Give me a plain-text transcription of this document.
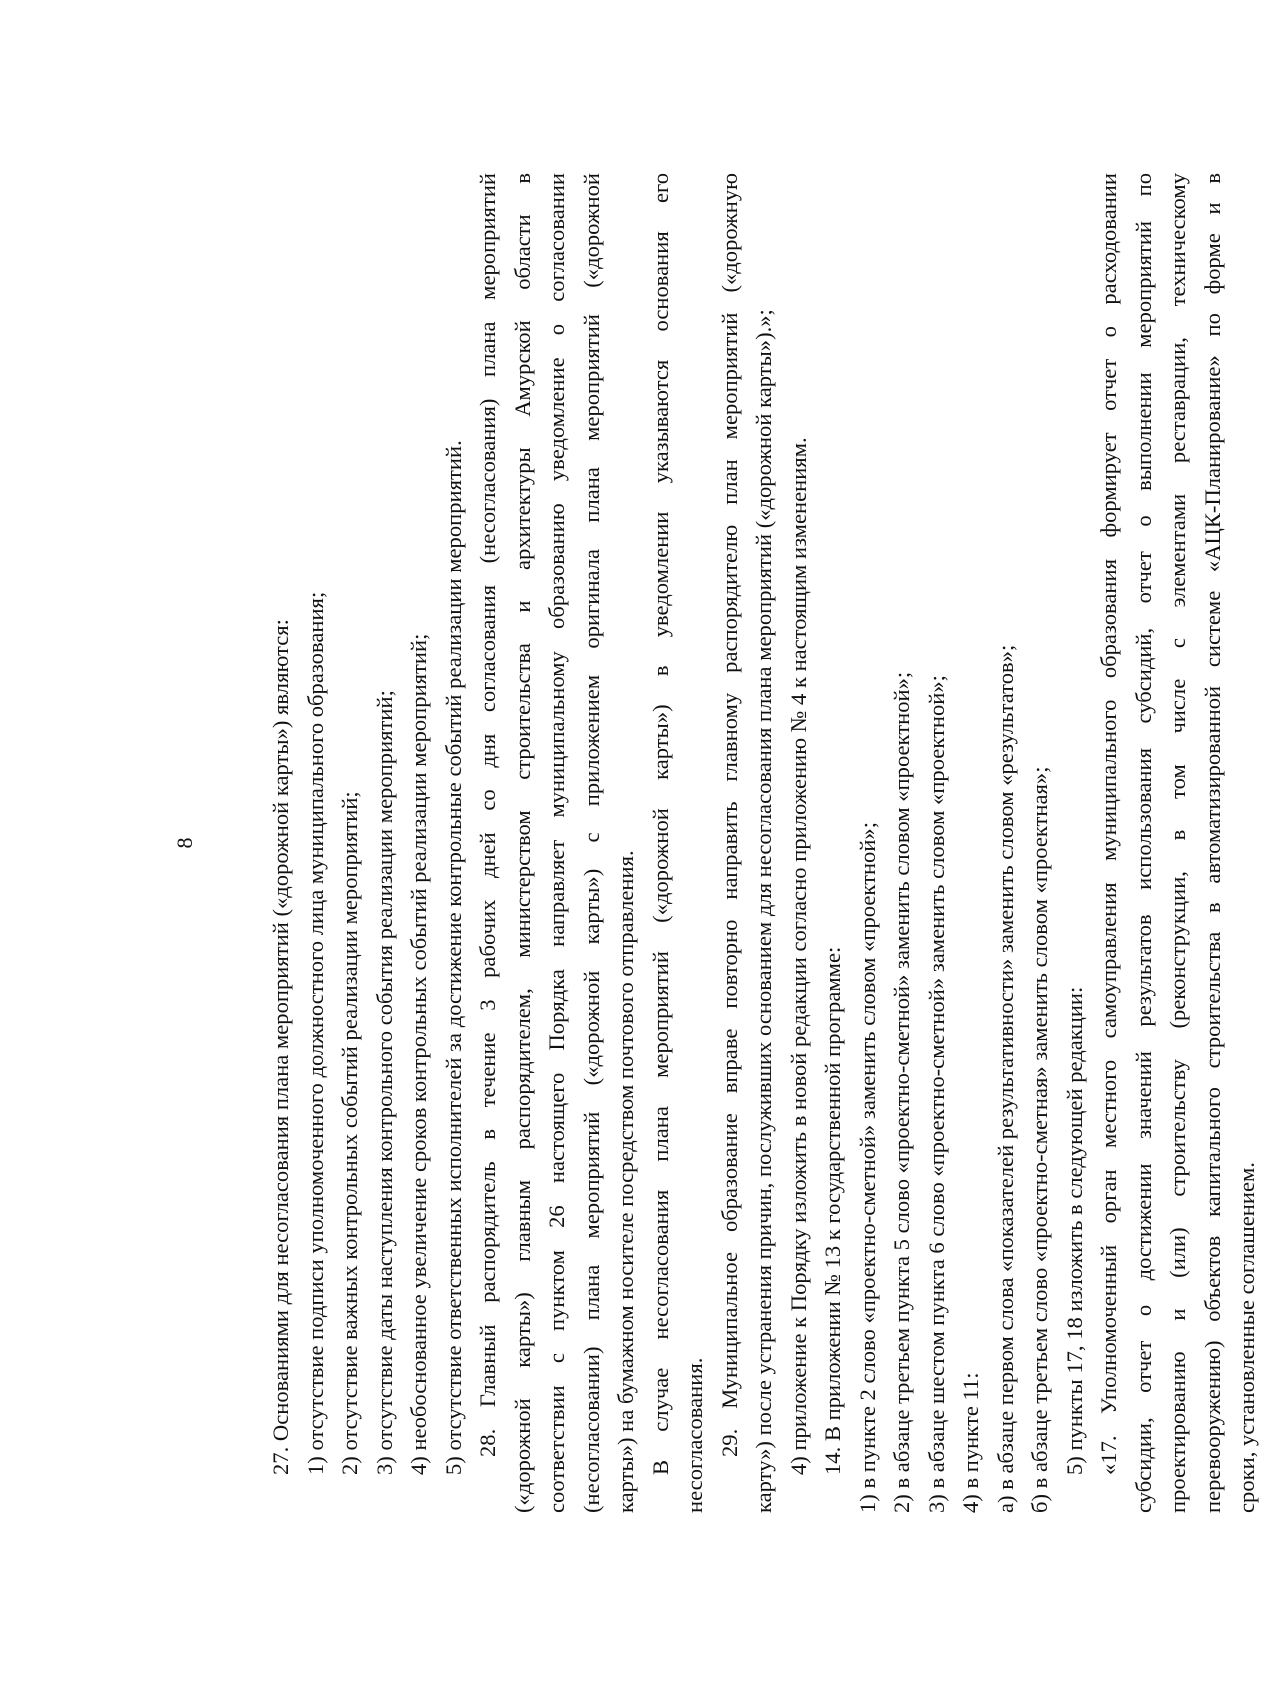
8	27. Основаниями для несогласования плана мероприятий («дорожной карты») являются: 1) отсутствие подписи уполномоченного должностного лица муниципального образования; 2) отсутствие важных контрольных событий реализации мероприятий; 3) отсутствие даты наступления контрольного события реализации мероприятий; 4) необоснованное увеличение сроков контрольных событий реализации мероприятий; 5) отсутствие ответственных исполнителей за достижение контрольные событий реализации мероприятий. 28. Главный распорядитель в течение 3 рабочих дней со дня согласования (несогласования) плана мероприятий («дорожной карты») главным распорядителем, министерством строительства и архитектуры Амурской области в соответствии с пунктом 26 настоящего Порядка направляет муниципальному образованию уведомление о согласовании (несогласовании) плана мероприятий («дорожной карты») с приложением оригинала плана мероприятий («дорожной карты») на бумажном носителе посредством почтового отправления. В случае несогласования плана мероприятий («дорожной карты») в уведомлении указываются основания его несогласования. 29. Муниципальное образование вправе повторно направить главному распорядителю план мероприятий («дорожную карту») после устранения причин, послуживших основанием для несогласования плана мероприятий («дорожной карты»).»; 4) приложение к Порядку изложить в новой редакции согласно приложению № 4 к настоящим изменениям. 14. В приложении № 13 к государственной программе: 1) в пункте 2 слово «проектно-сметной» заменить словом «проектной»; 2) в абзаце третьем пункта 5 слово «проектно-сметной» заменить словом «проектной»; 3) в абзаце шестом пункта 6 слово «проектно-сметной» заменить словом «проектной»; 4) в пункте 11: а) в абзаце первом слова «показателей результативности» заменить словом «результатов»; б) в абзаце третьем слово «проектно-сметная» заменить словом «проектная»; 5) пункты 17, 18 изложить в следующей редакции: «17. Уполномоченный орган местного самоуправления муниципального образования формирует отчет о расходовании субсидии, отчет о достижении значений результатов использования субсидий, отчет о выполнении мероприятий по проектированию и (или) строительству (реконструкции, в том числе с элементами реставрации, техническому перевооружению) объектов капитального строительства в автоматизированной системе «АЦК-Планирование» по форме и в сроки, установленные соглашением.
